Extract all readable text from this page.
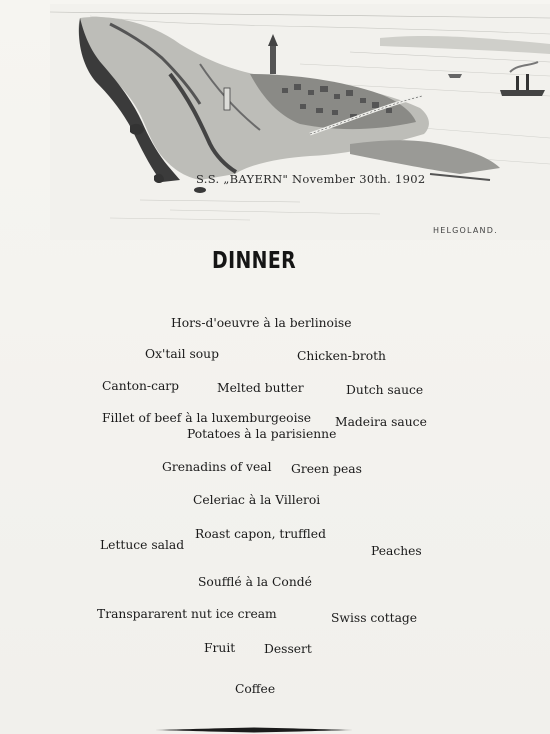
S.S. „BAYERN" November 30th. 1902
HELGOLAND.
DINNER
Hors-d'oeuvre à la berlinoise
Ox'tail soup	Chicken-broth
Canton-carp	Melted butter	Dutch sauce
Fillet of beef à la luxemburgeoise Madeira sauce
Potatoes à la parisienne
Grenadins of veal Green peas
Celeriac à la Villeroi
Roast capon, truffled
Lettuce salad	Peaches
Soufflé à la Condé
Transpararent nut ice cream	Swiss cottage
Fruit Dessert
Coffee
